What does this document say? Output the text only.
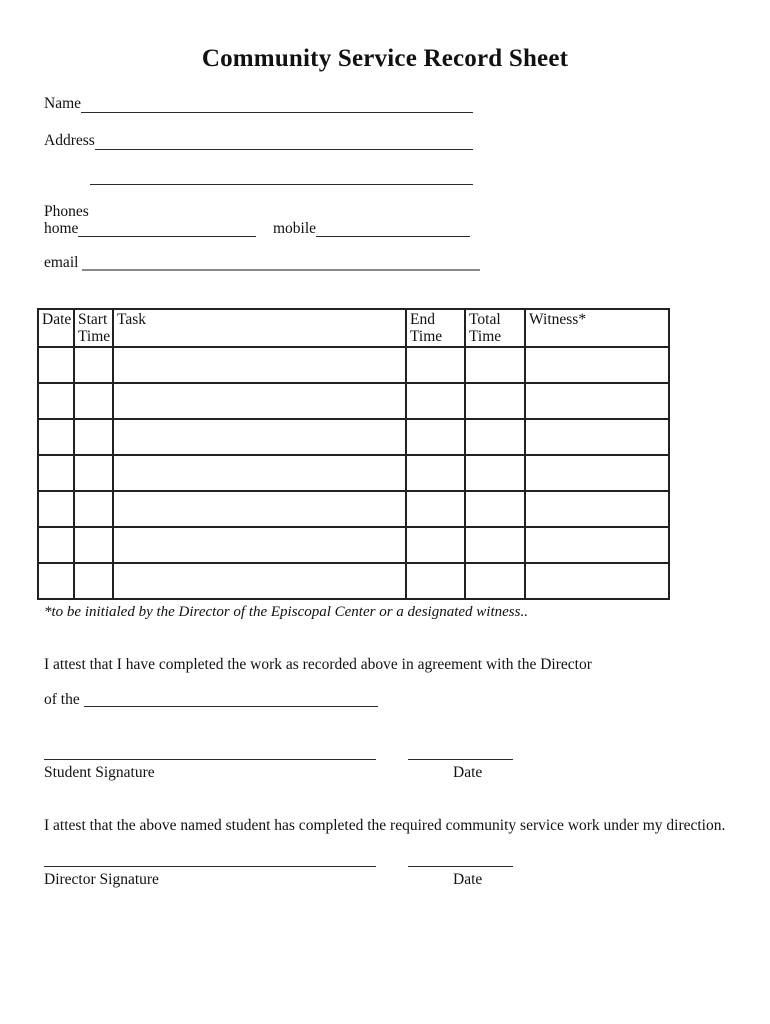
Community Service Record Sheet
Name
Address
Phones
home	mobile
email

Date	Start Time	Task	End Time	Total Time	Witness*

*to be initialed by the Director of the Episcopal Center or a designated witness..
I attest that I have completed the work as recorded above in agreement with the Director
of the

Student Signature	Date
I attest that the above named student has completed the required community service work under my direction.
Director Signature	Date
